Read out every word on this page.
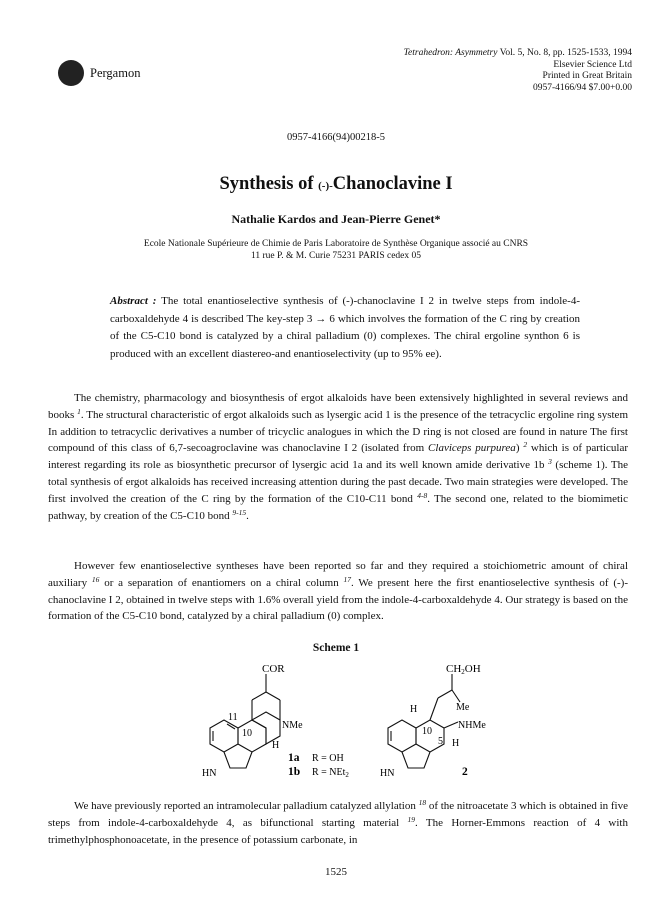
Pergamon
Tetrahedron: Asymmetry Vol. 5, No. 8, pp. 1525-1533, 1994
Elsevier Science Ltd
Printed in Great Britain
0957-4166/94 $7.00+0.00
0957-4166(94)00218-5
Synthesis of (-)-Chanoclavine I
Nathalie Kardos and Jean-Pierre Genet*
Ecole Nationale Supérieure de Chimie de Paris Laboratoire de Synthèse Organique associé au CNRS
11 rue P. & M. Curie 75231 PARIS cedex 05
Abstract : The total enantioselective synthesis of (-)-chanoclavine I 2 in twelve steps from indole-4-carboxaldehyde 4 is described The key-step 3 → 6 which involves the formation of the C ring by creation of the C5-C10 bond is catalyzed by a chiral palladium (0) complexes. The chiral ergoline synthon 6 is produced with an excellent diastereo-and enantioselectivity (up to 95% ee).
The chemistry, pharmacology and biosynthesis of ergot alkaloids have been extensively highlighted in several reviews and books $^1$. The structural characteristic of ergot alkaloids such as lysergic acid 1 is the presence of the tetracyclic ergoline ring system In addition to tetracyclic derivatives a number of tricyclic analogues in which the D ring is not closed are found in nature The first compound of this class of 6,7-secoagroclavine was chanoclavine I 2 (isolated from Claviceps purpurea) $^2$ which is of particular interest regarding its role as biosynthetic precursor of lysergic acid 1a and its well known amide derivative 1b $^3$ (scheme 1). The total synthesis of ergot alkaloids has received increasing attention during the past decade. Two main strategies were developed. The first involved the creation of the C ring by the formation of the C10-C11 bond $^{4-8}$. The second one, related to the biomimetic pathway, by creation of the C5-C10 bond $^{9-15}$.
However few enantioselective syntheses have been reported so far and they required a stoichiometric amount of chiral auxiliary $^{16}$ or a separation of enantiomers on a chiral column $^{17}$. We present here the first enantioselective synthesis of (-)-chanoclavine I 2, obtained in twelve steps with 1.6% overall yield from the indole-4-carboxaldehyde 4. Our strategy is based on the formation of the C5-C10 bond, catalyzed by a chiral palladium (0) complex.
Scheme 1
COR
NMe
H
11
10
HN
1a
1b
R = OH
R = NEt$_2$
CH2OH
Me
H
NHMe
H
10
5
HN	2
We have previously reported an intramolecular palladium catalyzed allylation $^{18}$ of the nitroacetate 3 which is obtained in five steps from indole-4-carboxaldehyde 4, as bifunctional starting material $^{19}$. The Horner-Emmons reaction of 4 with trimethylphosphonoacetate, in the presence of potassium carbonate, in
1525
